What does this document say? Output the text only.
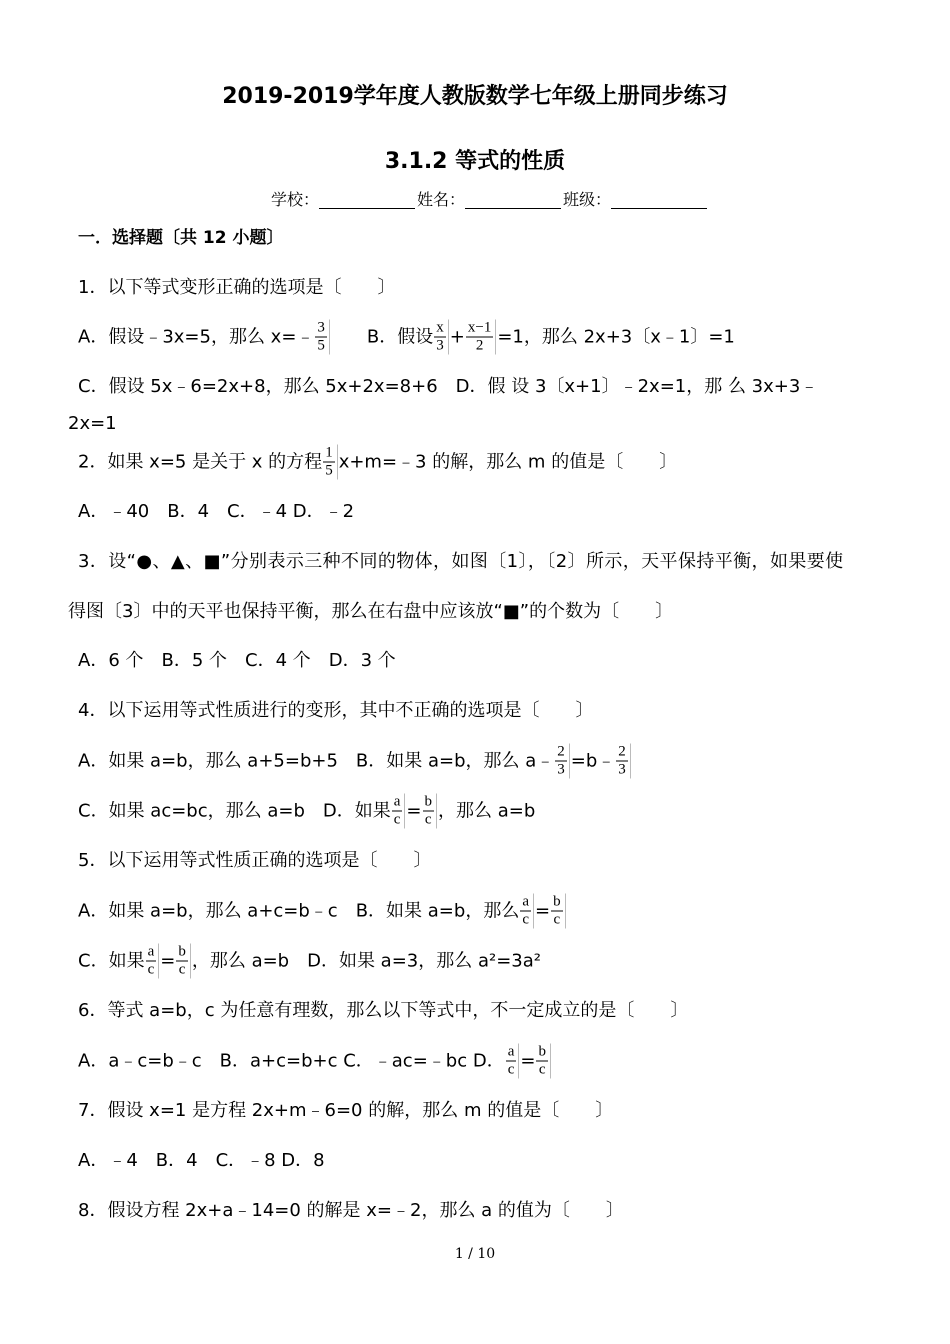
2019-2019学年度人教版数学七年级上册同步练习
3.1.2 等式的性质
学校：	姓名：	班级：
一．选择题〔共 12 小题〕
1．以下等式变形正确的选项是〔　　〕
A．假设﹣3x=5，那么 x=﹣ $\frac{3}{5}$ 　　B．假设 $\frac{x}{3} + \frac{x-1}{2} =1$，那么 2x+3〔x﹣1〕=1
C．假设 5x﹣6=2x+8，那么 5x+2x=8+6　D．假 设 3〔x+1〕﹣2x=1，那 么 3x+3﹣
2x=1
2．如果 x=5 是关于 x 的方程 $\frac{1}{5}$ x+m=﹣3 的解，那么 m 的值是〔　　〕
A．﹣40　B．4　C．﹣4 D．﹣2
3．设“●、▲、■”分别表示三种不同的物体，如图〔1〕，〔2〕所示，天平保持平衡，如果要使
得图〔3〕中的天平也保持平衡，那么在右盘中应该放“■”的个数为〔　　〕
A．6 个　B．5 个　C．4 个　D．3 个
4．以下运用等式性质进行的变形，其中不正确的选项是〔　　〕
A．如果 a=b，那么 a+5=b+5　B．如果 a=b，那么 a﹣ $\frac{2}{3}$ =b﹣ $\frac{2}{3}$
C．如果 ac=bc，那么 a=b　D．如果 $\frac{a}{c} = \frac{b}{c}$ ，那么 a=b
5．以下运用等式性质正确的选项是〔　　〕
A．如果 a=b，那么 a+c=b﹣c　B．如果 a=b，那么 $\frac{a}{c} = \frac{b}{c}$
C．如果 $\frac{a}{c} = \frac{b}{c}$ ，那么 a=b　D．如果 a=3，那么 a²=3a²
6．等式 a=b，c 为任意有理数，那么以下等式中，不一定成立的是〔　　〕
A．a﹣c=b﹣c　B．a+c=b+c C．﹣ac=﹣bc D． $\frac{a}{c} = \frac{b}{c}$
7．假设 x=1 是方程 2x+m﹣6=0 的解，那么 m 的值是〔　　〕
A．﹣4　B．4　C．﹣8 D．8
8．假设方程 2x+a﹣14=0 的解是 x=﹣2，那么 a 的值为〔　　〕
1 / 10
